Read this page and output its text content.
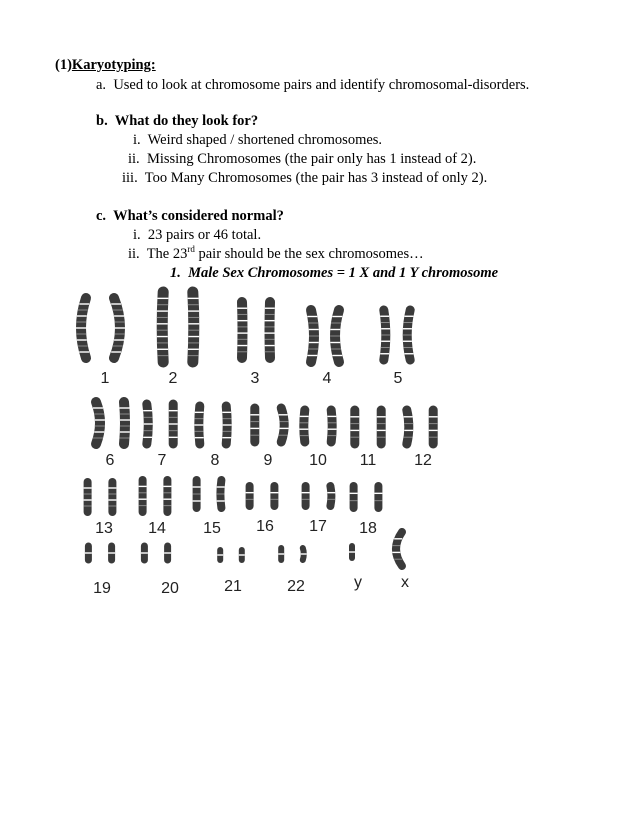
(1)Karyotyping:
a. Used to look at chromosome pairs and identify chromosomal-disorders.
b. What do they look for?
i. Weird shaped / shortened chromosomes.
ii. Missing Chromosomes (the pair only has 1 instead of 2).
iii. Too Many Chromosomes (the pair has 3 instead of only 2).
c. What’s considered normal?
i. 23 pairs or 46 total.
ii. The 23rd pair should be the sex chromosomes…
1. Male Sex Chromosomes = 1 X and 1 Y chromosome
1	2	3	4	5
6	7	8	9	10	11	12
13	14	15	16	17	18
19	20	21	22	y	x
